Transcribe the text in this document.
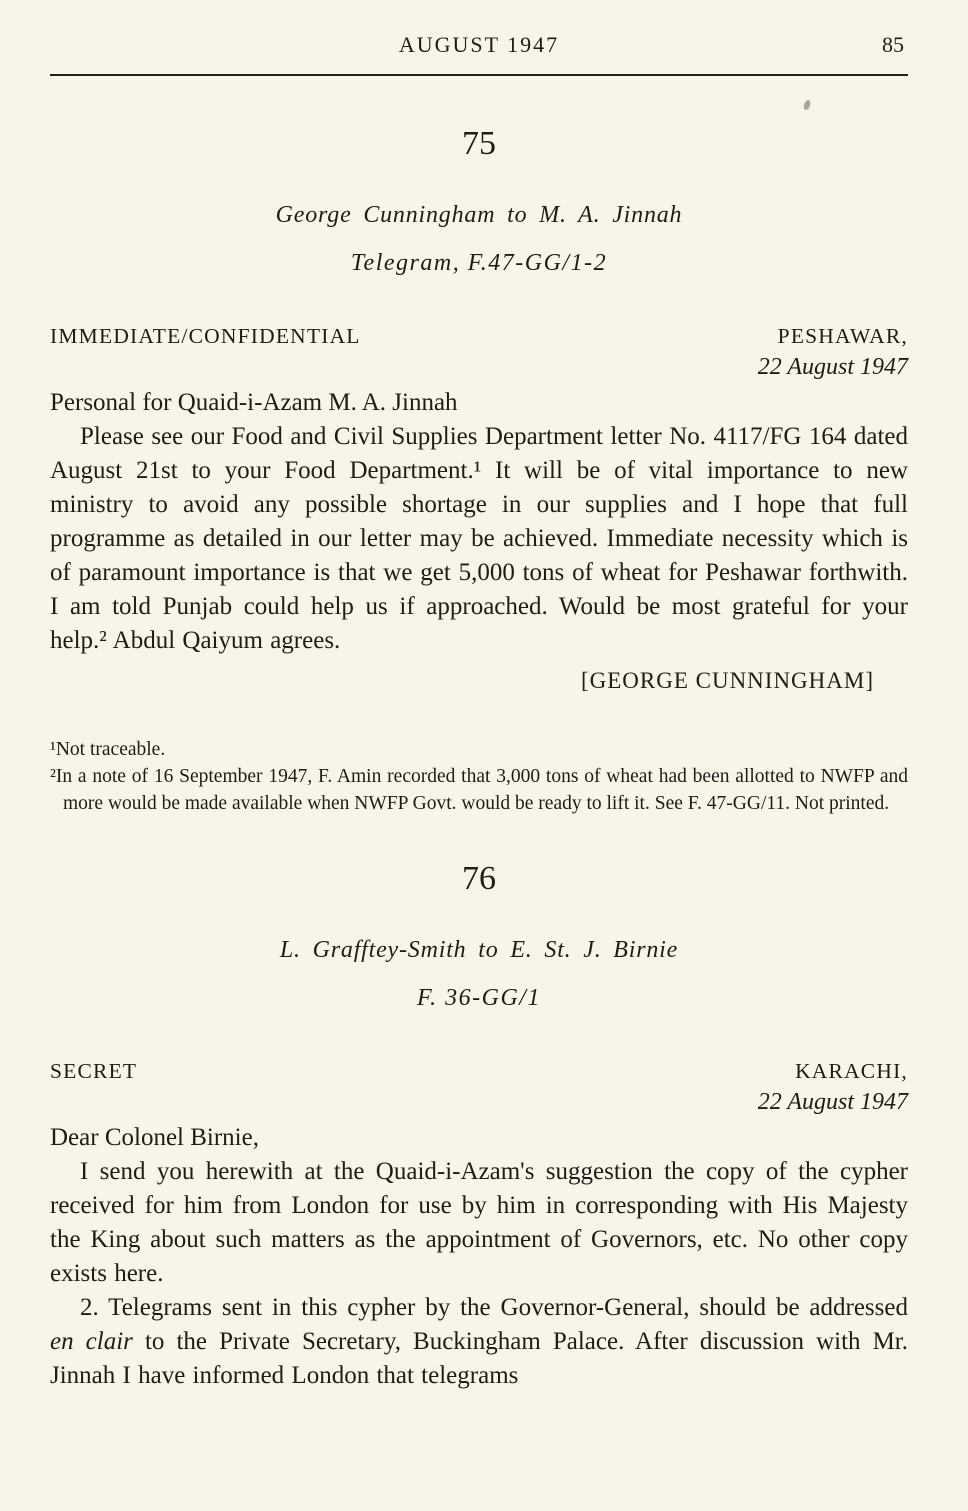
AUGUST 1947	85
75

George Cunningham to M. A. Jinnah

Telegram, F.47-GG/1-2

IMMEDIATE/CONFIDENTIAL	PESHAWAR,
22 August 1947

Personal for Quaid-i-Azam M. A. Jinnah

Please see our Food and Civil Supplies Department letter No. 4117/FG 164 dated August 21st to your Food Department.¹ It will be of vital importance to new ministry to avoid any possible shortage in our supplies and I hope that full programme as detailed in our letter may be achieved. Immediate necessity which is of paramount importance is that we get 5,000 tons of wheat for Peshawar forthwith. I am told Punjab could help us if approached. Would be most grateful for your help.² Abdul Qaiyum agrees.

[GEORGE CUNNINGHAM]

¹Not traceable.

²In a note of 16 September 1947, F. Amin recorded that 3,000 tons of wheat had been allotted to NWFP and more would be made available when NWFP Govt. would be ready to lift it. See F. 47-GG/11. Not printed.

76

L. Grafftey-Smith to E. St. J. Birnie

F. 36-GG/1

SECRET	KARACHI,
22 August 1947

Dear Colonel Birnie,

I send you herewith at the Quaid-i-Azam's suggestion the copy of the cypher received for him from London for use by him in corresponding with His Majesty the King about such matters as the appointment of Governors, etc. No other copy exists here.

2. Telegrams sent in this cypher by the Governor-General, should be addressed en clair to the Private Secretary, Buckingham Palace. After discussion with Mr. Jinnah I have informed London that telegrams
